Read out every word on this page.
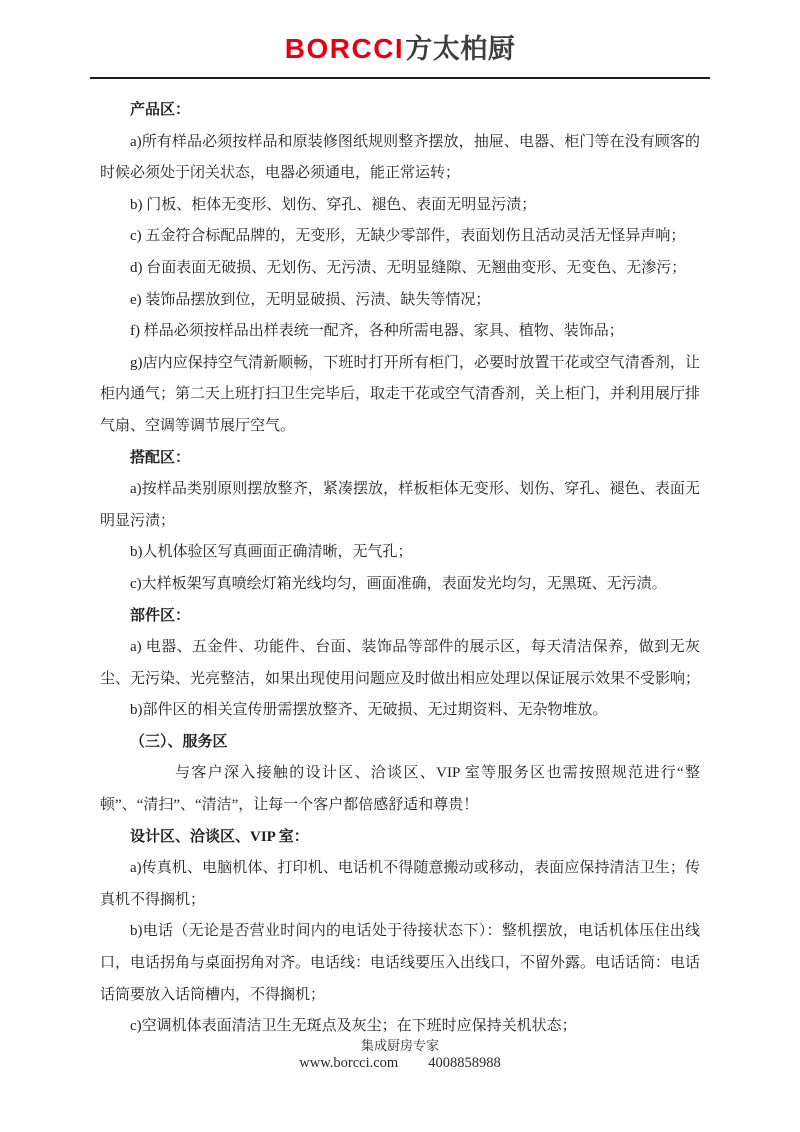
BORCCI方太柏厨

产品区：

a)所有样品必须按样品和原装修图纸规则整齐摆放，抽屉、电器、柜门等在没有顾客的时候必须处于闭关状态，电器必须通电，能正常运转；

b) 门板、柜体无变形、划伤、穿孔、褪色、表面无明显污渍；

c) 五金符合标配品牌的，无变形，无缺少零部件，表面划伤且活动灵活无怪异声响；

d) 台面表面无破损、无划伤、无污渍、无明显缝隙、无翘曲变形、无变色、无渗污；

e) 装饰品摆放到位，无明显破损、污渍、缺失等情况；

f) 样品必须按样品出样表统一配齐，各种所需电器、家具、植物、装饰品；

g)店内应保持空气清新顺畅，下班时打开所有柜门，必要时放置干花或空气清香剂，让柜内通气；第二天上班打扫卫生完毕后，取走干花或空气清香剂，关上柜门，并利用展厅排气扇、空调等调节展厅空气。

搭配区：

a)按样品类别原则摆放整齐，紧凑摆放，样板柜体无变形、划伤、穿孔、褪色、表面无明显污渍；

b)人机体验区写真画面正确清晰，无气孔；

c)大样板架写真喷绘灯箱光线均匀，画面准确，表面发光均匀，无黑斑、无污渍。

部件区：

a) 电器、五金件、功能件、台面、装饰品等部件的展示区，每天清洁保养，做到无灰尘、无污染、光亮整洁，如果出现使用问题应及时做出相应处理以保证展示效果不受影响；

b)部件区的相关宣传册需摆放整齐、无破损、无过期资料、无杂物堆放。

（三）、服务区

与客户深入接触的设计区、洽谈区、VIP 室等服务区也需按照规范进行“整顿”、“清扫”、“清洁”，让每一个客户都倍感舒适和尊贵！

设计区、洽谈区、VIP 室：

a)传真机、电脑机体、打印机、电话机不得随意搬动或移动，表面应保持清洁卫生；传真机不得搁机；

b)电话（无论是否营业时间内的电话处于待接状态下）：整机摆放，电话机体压住出线口，电话拐角与桌面拐角对齐。电话线：电话线要压入出线口，不留外露。电话话筒：电话话筒要放入话筒槽内，不得搁机；

c)空调机体表面清洁卫生无斑点及灰尘；在下班时应保持关机状态；

集成厨房专家
www.borcci.com 4008858988
